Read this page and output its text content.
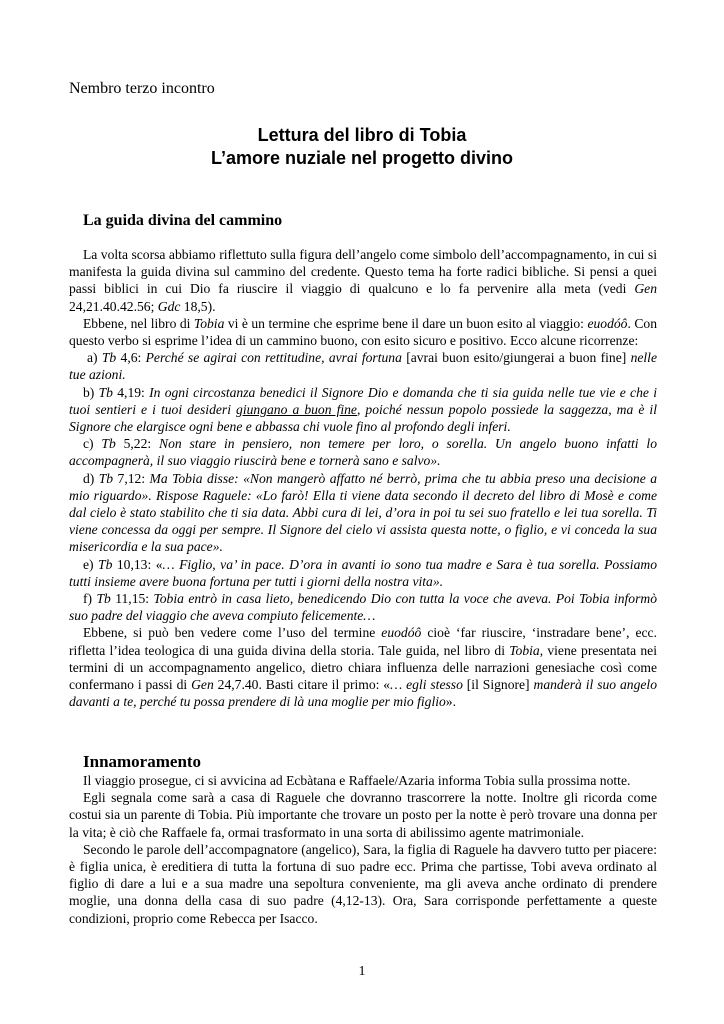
Nembro terzo incontro
Lettura del libro di Tobia
L’amore nuziale nel progetto divino
La guida divina del cammino

La volta scorsa abbiamo riflettuto sulla figura dell’angelo come simbolo dell’accompagnamento, in cui si manifesta la guida divina sul cammino del credente. Questo tema ha forte radici bibliche. Si pensi a quei passi biblici in cui Dio fa riuscire il viaggio di qualcuno e lo fa pervenire alla meta (vedi Gen 24,21.40.42.56; Gdc 18,5).

Ebbene, nel libro di Tobia vi è un termine che esprime bene il dare un buon esito al viaggio: euodóô. Con questo verbo si esprime l’idea di un cammino buono, con esito sicuro e positivo. Ecco alcune ricorrenze:

a) Tb 4,6: Perché se agirai con rettitudine, avrai fortuna [avrai buon esito/giungerai a buon fine] nelle tue azioni.

b) Tb 4,19: In ogni circostanza benedici il Signore Dio e domanda che ti sia guida nelle tue vie e che i tuoi sentieri e i tuoi desideri giungano a buon fine, poiché nessun popolo possiede la saggezza, ma è il Signore che elargisce ogni bene e abbassa chi vuole fino al profondo degli inferi.

c) Tb 5,22: Non stare in pensiero, non temere per loro, o sorella. Un angelo buono infatti lo accompagnerà, il suo viaggio riuscirà bene e tornerà sano e salvo».

d) Tb 7,12: Ma Tobia disse: «Non mangerò affatto né berrò, prima che tu abbia preso una decisione a mio riguardo». Rispose Raguele: «Lo farò! Ella ti viene data secondo il decreto del libro di Mosè e come dal cielo è stato stabilito che ti sia data. Abbi cura di lei, d’ora in poi tu sei suo fratello e lei tua sorella. Ti viene concessa da oggi per sempre. Il Signore del cielo vi assista questa notte, o figlio, e vi conceda la sua misericordia e la sua pace».

e) Tb 10,13: «… Figlio, va’ in pace. D’ora in avanti io sono tua madre e Sara è tua sorella. Possiamo tutti insieme avere buona fortuna per tutti i giorni della nostra vita».

f) Tb 11,15: Tobia entrò in casa lieto, benedicendo Dio con tutta la voce che aveva. Poi Tobia informò suo padre del viaggio che aveva compiuto felicemente…

Ebbene, si può ben vedere come l’uso del termine euodóô cioè ‘far riuscire, ‘instradare bene’, ecc. rifletta l’idea teologica di una guida divina della storia. Tale guida, nel libro di Tobia, viene presentata nei termini di un accompagnamento angelico, dietro chiara influenza delle narrazioni genesiache così come confermano i passi di Gen 24,7.40. Basti citare il primo: «… egli stesso [il Signore] manderà il suo angelo davanti a te, perché tu possa prendere di là una moglie per mio figlio».

Innamoramento

Il viaggio prosegue, ci si avvicina ad Ecbàtana e Raffaele/Azaria informa Tobia sulla prossima notte.

Egli segnala come sarà a casa di Raguele che dovranno trascorrere la notte. Inoltre gli ricorda come costui sia un parente di Tobia. Più importante che trovare un posto per la notte è però trovare una donna per la vita; è ciò che Raffaele fa, ormai trasformato in una sorta di abilissimo agente matrimoniale.

Secondo le parole dell’accompagnatore (angelico), Sara, la figlia di Raguele ha davvero tutto per piacere: è figlia unica, è ereditiera di tutta la fortuna di suo padre ecc. Prima che partisse, Tobi aveva ordinato al figlio di dare a lui e a sua madre una sepoltura conveniente, ma gli aveva anche ordinato di prendere moglie, una donna della casa di suo padre (4,12-13). Ora, Sara corrisponde perfettamente a queste condizioni, proprio come Rebecca per Isacco.

1
